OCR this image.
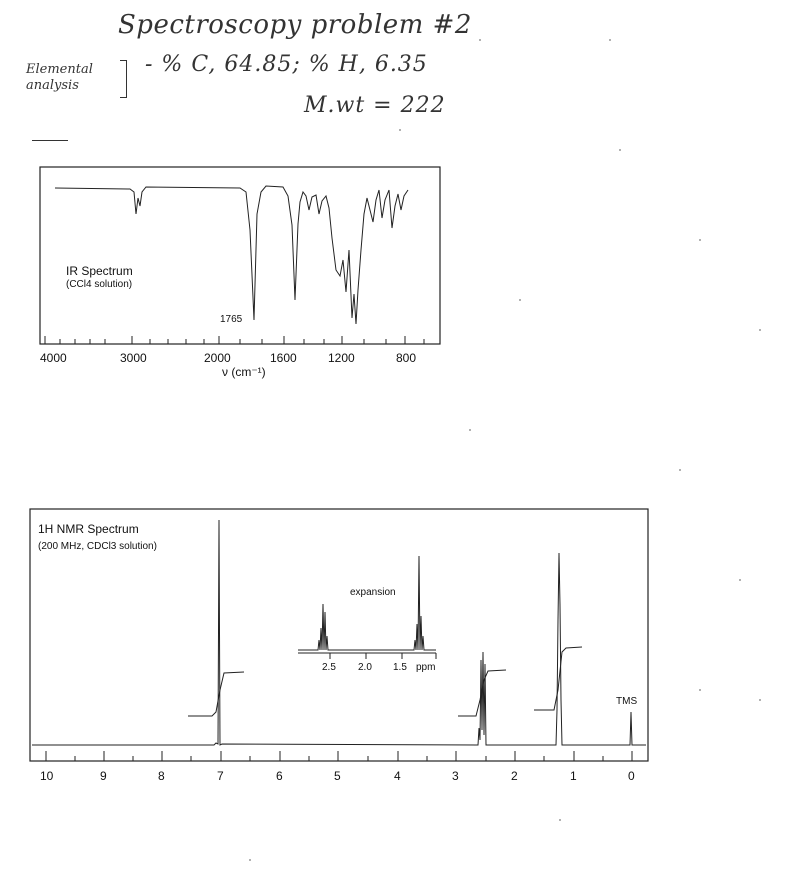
Spectroscopy problem #2
Elemental
analysis
- % C, 64.85; % H, 6.35
M.wt = 222
IR Spectrum
(CCl4 solution)
1765
4000	3000	2000	1600	1200	800
ν (cm⁻¹)
1H NMR Spectrum
(200 MHz, CDCl3 solution)
TMS
10	9	8	7	6	5	4	3	2	1	0
expansion
2.5 2.0 1.5 ppm
